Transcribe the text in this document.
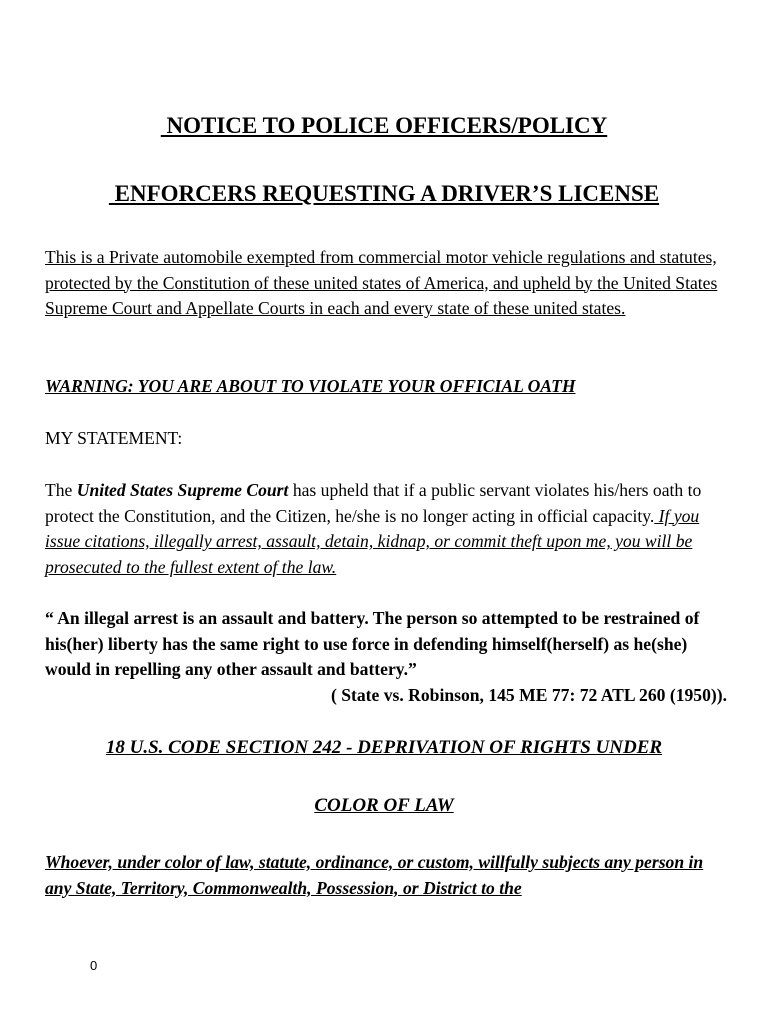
NOTICE TO POLICE OFFICERS/POLICY
ENFORCERS REQUESTING A DRIVER’S LICENSE
This is a Private automobile exempted from commercial motor vehicle regulations and statutes, protected by the Constitution of these united states of America, and upheld by the United States Supreme Court and Appellate Courts in each and every state of these united states.
WARNING: YOU ARE ABOUT TO VIOLATE YOUR OFFICIAL OATH
MY STATEMENT:
The United States Supreme Court has upheld that if a public servant violates his/hers oath to protect the Constitution, and the Citizen, he/she is no longer acting in official capacity. If you issue citations, illegally arrest, assault, detain, kidnap, or commit theft upon me, you will be prosecuted to the fullest extent of the law.
“ An illegal arrest is an assault and battery. The person so attempted to be restrained of his(her) liberty has the same right to use force in defending himself(herself) as he(she) would in repelling any other assault and battery.”
( State vs. Robinson, 145 ME 77: 72 ATL 260 (1950)).
18 U.S. CODE SECTION 242 - DEPRIVATION OF RIGHTS UNDER
COLOR OF LAW
Whoever, under color of law, statute, ordinance, or custom, willfully subjects any person in any State, Territory, Commonwealth, Possession, or District to the
0
